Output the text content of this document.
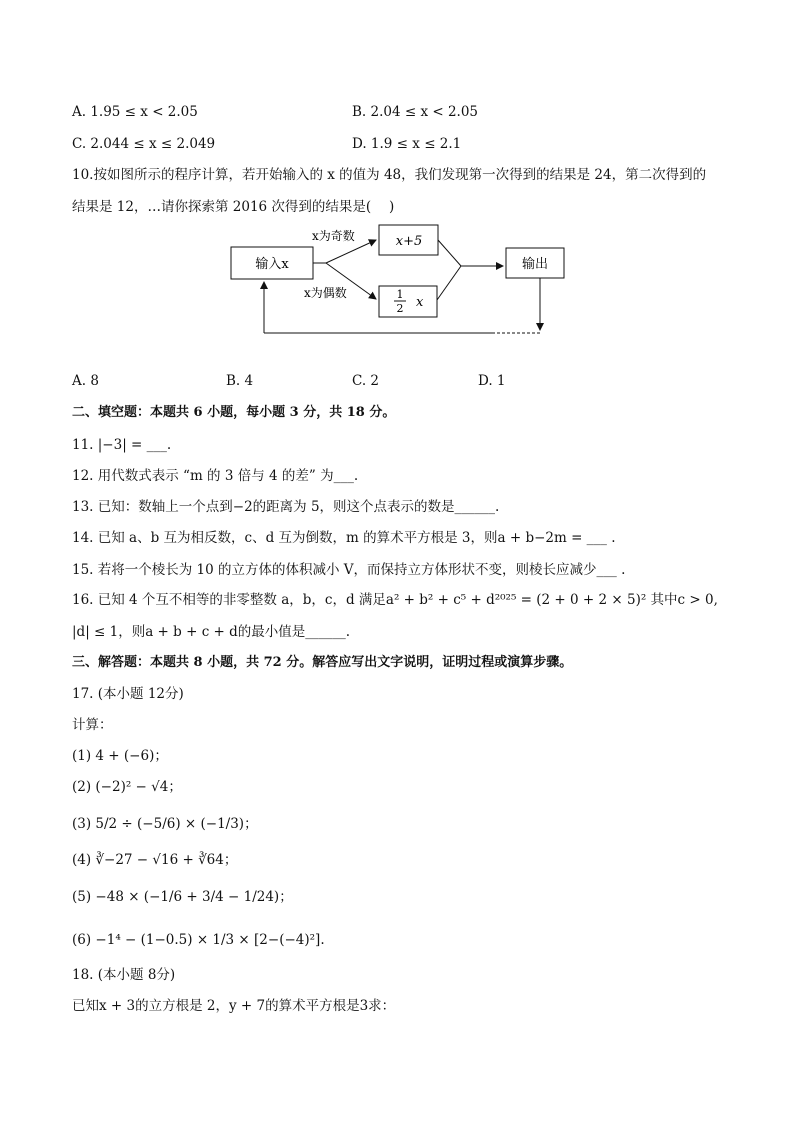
A. 1.95 ≤ x < 2.05	B. 2.04 ≤ x < 2.05
C. 2.044 ≤ x ≤ 2.049	D. 1.9 ≤ x ≤ 2.1
10.按如图所示的程序计算，若开始输入的 x 的值为 48，我们发现第一次得到的结果是 24，第二次得到的
结果是 12，…请你探索第 2016 次得到的结果是(　 )
输入x
x为奇数
x为偶数
x+5
1
2 x
输出
A. 8	B. 4	C. 2	D. 1
二、填空题：本题共 6 小题，每小题 3 分，共 18 分。
11. |−3| = ___.
12. 用代数式表示 “m 的 3 倍与 4 的差” 为___.
13. 已知：数轴上一个点到−2的距离为 5，则这个点表示的数是______.
14. 已知 a、b 互为相反数，c、d 互为倒数，m 的算术平方根是 3，则a + b−2m = ___ .
15. 若将一个棱长为 10 的立方体的体积减小 V，而保持立方体形状不变，则棱长应减少___ .
16. 已知 4 个互不相等的非零整数 a，b，c，d 满足a² + b² + c⁵ + d²⁰²⁵ = (2 + 0 + 2 × 5)² 其中c > 0,
|d| ≤ 1，则a + b + c + d的最小值是______.
三、解答题：本题共 8 小题，共 72 分。解答应写出文字说明，证明过程或演算步骤。
17. (本小题 12分)
计算：
(1) 4 + (−6)；
(2) (−2)² − √4；
(3) 5/2 ÷ (−5/6) × (−1/3)；
(4) ∛−27 − √16 + ∛64；
(5) −48 × (−1/6 + 3/4 − 1/24)；
(6) −1⁴ − (1−0.5) × 1/3 × [2−(−4)²].
18. (本小题 8分)
已知x + 3的立方根是 2，y + 7的算术平方根是3求：
